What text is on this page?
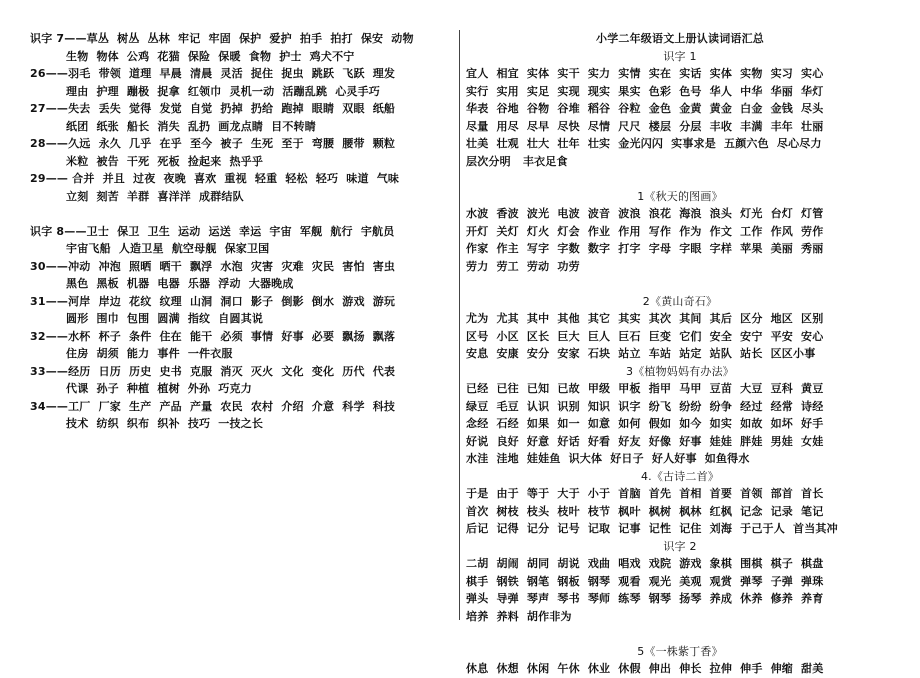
识字 7——草丛  树丛  丛林  牢记  牢固  保护  爱护  拍手  拍打  保安  动物
生物  物体  公鸡  花猫  保险  保暖  食物  护士  鸡犬不宁
26——羽毛  带领  道理  早晨  清晨  灵活  捉住  捉虫  跳跃  飞跃  理发
理由  护理  蹦极  捉拿  红领巾  灵机一动  活蹦乱跳  心灵手巧
27——失去  丢失  觉得  发觉  自觉  扔掉  扔给  跑掉  眼睛  双眼  纸船
纸团  纸张  船长  消失  乱扔  画龙点睛  目不转睛
28——久远  永久  几乎  在乎  至今  被子  生死  至于  弯腰  腰带  颗粒
米粒  被告  干死  死板  捡起来  热乎乎
29—— 合并  并且  过夜  夜晚  喜欢  重视  轻重  轻松  轻巧  味道  气味
立刻  刻苦  羊群  喜洋洋  成群结队
识字 8——卫士  保卫  卫生  运动  运送  幸运  宇宙  军舰  航行  宇航员
宇宙飞船  人造卫星  航空母舰  保家卫国
30——冲动  冲泡  照晒  晒干  飘浮  水泡  灾害  灾难  灾民  害怕  害虫
黑色  黑板  机器  电器  乐器  浮动  大器晚成
31——河岸  岸边  花纹  纹理  山洞  洞口  影子  倒影  倒水  游戏  游玩
圆形  围巾  包围  圆满  指纹  自圆其说
32——水杯  杯子  条件  住在  能干  必须  事情  好事  必要  飘扬  飘落
住房  胡须  能力  事件  一件衣服
33——经历  日历  历史  史书  克服  消灭  灭火  文化  变化  历代  代表
代课  孙子  种植  植树  外孙  巧克力
34——工厂  厂家  生产  产品  产量  农民  农村  介绍  介意  科学  科技
技术  纺织  织布  织补  技巧  一技之长
小学二年级语文上册认读词语汇总
识字 1
宜人  相宜  实体  实干  实力  实情  实在  实话  实体  实物  实习  实心
实行  实用  实足  实现  现实  果实  色彩  色号  华人  中华  华丽  华灯
华表  谷地  谷物  谷堆  稻谷  谷粒  金色  金黄  黄金  白金  金钱  尽头
尽量  用尽  尽早  尽快  尽情  尺尺  楼层  分层  丰收  丰满  丰年  壮丽
壮美  壮观  壮大  壮年  壮实  金光闪闪  实事求是  五颜六色  尽心尽力
层次分明   丰衣足食
1《秋天的图画》
水波  香波  波光  电波  波音  波浪  浪花  海浪  浪头  灯光  台灯  灯管
开灯  关灯  灯火  灯会  作业  作用  写作  作为  作文  工作  作风  劳作
作家  作主  写字  字数  数字  打字  字母  字眼  字样  苹果  美丽  秀丽
劳力  劳工  劳动  功劳
2《黄山奇石》
尤为  尤其  其中  其他  其它  其实  其次  其间  其后  区分  地区  区别
区号  小区  区长  巨大  巨人  巨石  巨变  它们  安全  安宁  平安  安心
安息  安康  安分  安家  石块  站立  车站  站定  站队  站长  区区小事
3《植物妈妈有办法》
已经  已往  已知  已故  甲级  甲板  指甲  马甲  豆苗  大豆  豆科  黄豆
绿豆  毛豆  认识  识别  知识  识字  纷飞  纷纷  纷争  经过  经常  诗经
念经  石经  如果  如一  如意  如何  假如  如今  如实  如故  如坏  好手
好说  良好  好意  好话  好看  好友  好像  好事  娃娃  胖娃  男娃  女娃
水洼  洼地  娃娃鱼  识大体  好日子  好人好事  如鱼得水
4.《古诗二首》
于是  由于  等于  大于  小于  首脑  首先  首相  首要  首领  部首  首长
首次  树枝  枝头  枝叶  枝节  枫叶  枫树  枫林  红枫  记念  记录  笔记
后记  记得  记分  记号  记取  记事  记性  记住  刘海  于己于人  首当其冲
识字 2
二胡  胡闹  胡同  胡说  戏曲  唱戏  戏院  游戏  象棋  围棋  棋子  棋盘
棋手  钢铁  钢笔  钢板  钢琴  观看  观光  美观  观赏  弹琴  子弹  弹珠
弹头  导弹  琴声  琴书  琴师  练琴  钢琴  扬琴  养成  休养  修养  养育
培养  养料  胡作非为
5《一株紫丁香》
休息  休想  休闲  午休  休业  休假  伸出  伸长  拉伸  伸手  伸缩  甜美
